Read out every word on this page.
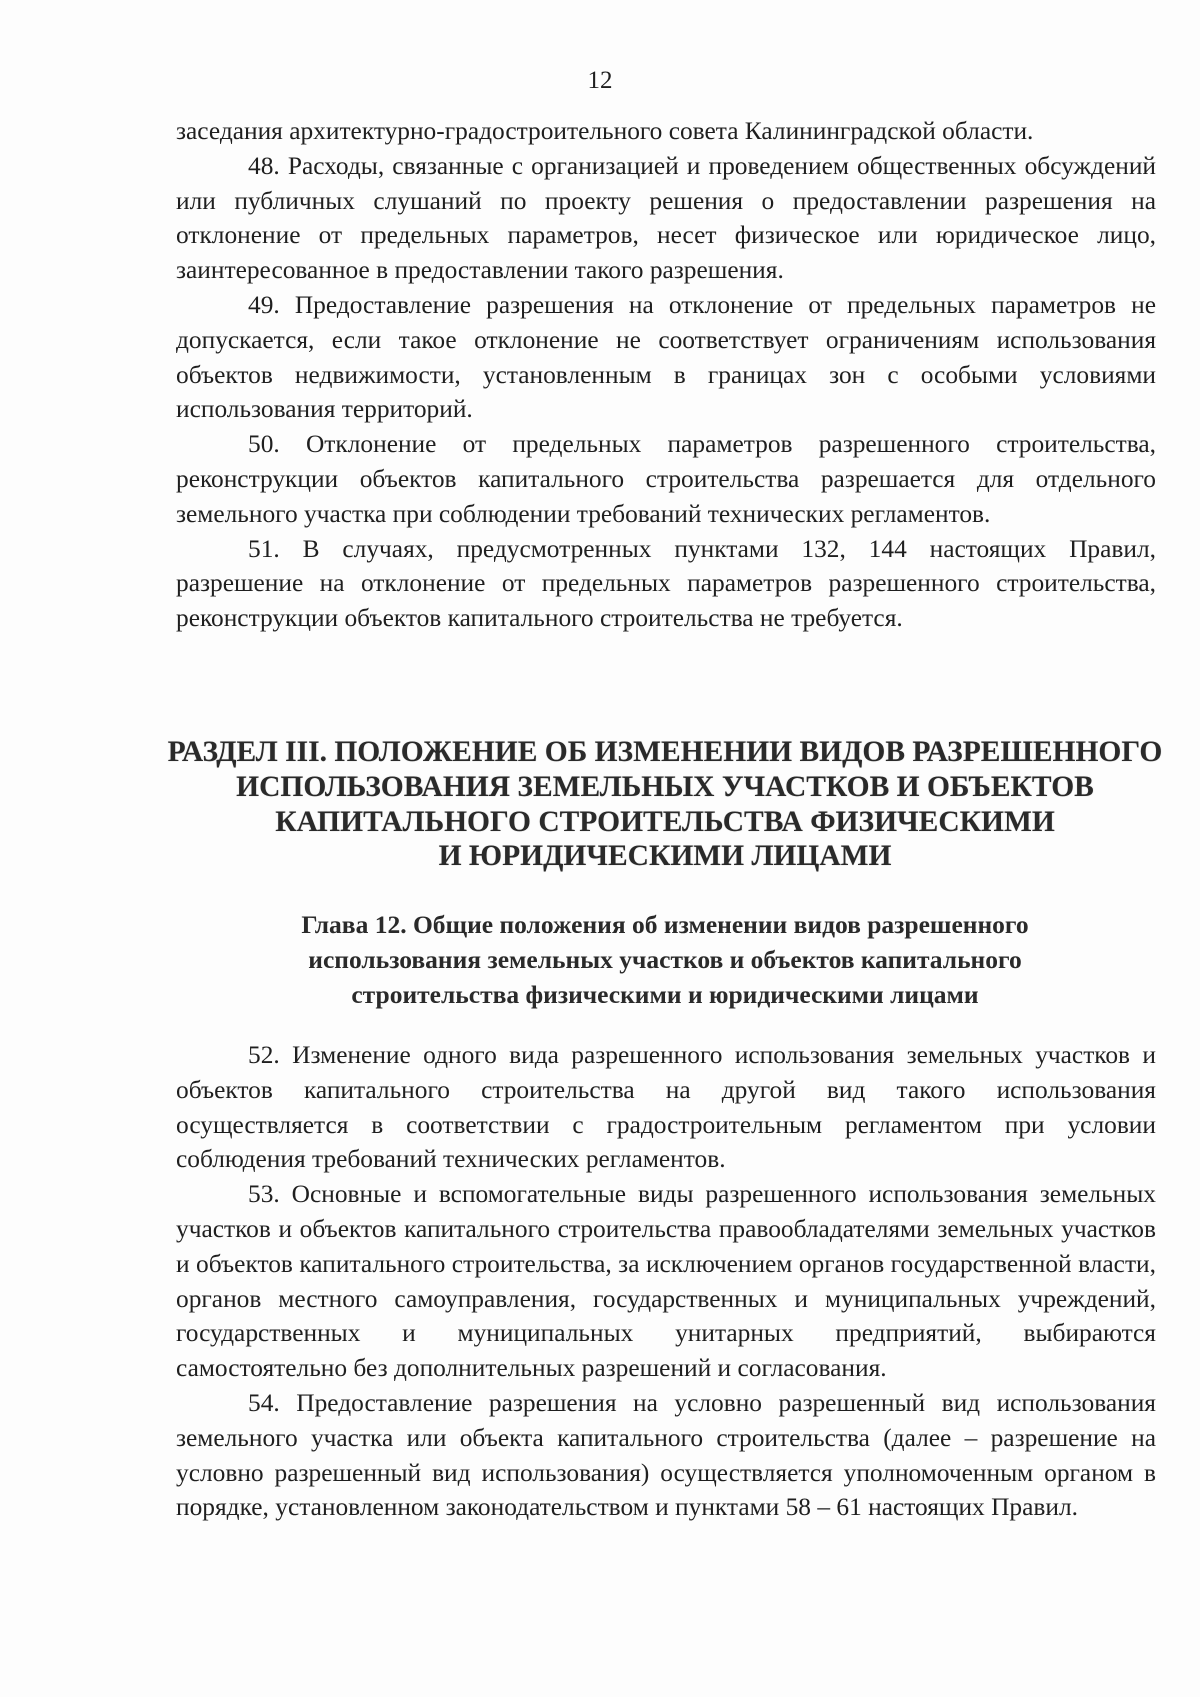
12

заседания архитектурно-градостроительного совета Калининградской области.

48. Расходы, связанные с организацией и проведением общественных обсуждений или публичных слушаний по проекту решения о предоставлении разрешения на отклонение от предельных параметров, несет физическое или юридическое лицо, заинтересованное в предоставлении такого разрешения.

49. Предоставление разрешения на отклонение от предельных параметров не допускается, если такое отклонение не соответствует ограничениям использования объектов недвижимости, установленным в границах зон с особыми условиями использования территорий.

50. Отклонение от предельных параметров разрешенного строительства, реконструкции объектов капитального строительства разрешается для отдельного земельного участка при соблюдении требований технических регламентов.

51. В случаях, предусмотренных пунктами 132, 144 настоящих Правил, разрешение на отклонение от предельных параметров разрешенного строительства, реконструкции объектов капитального строительства не требуется.

РАЗДЕЛ III. ПОЛОЖЕНИЕ ОБ ИЗМЕНЕНИИ ВИДОВ РАЗРЕШЕННОГО
ИСПОЛЬЗОВАНИЯ ЗЕМЕЛЬНЫХ УЧАСТКОВ И ОБЪЕКТОВ
КАПИТАЛЬНОГО СТРОИТЕЛЬСТВА ФИЗИЧЕСКИМИ
И ЮРИДИЧЕСКИМИ ЛИЦАМИ
Глава 12. Общие положения об изменении видов разрешенного
использования земельных участков и объектов капитального
строительства физическими и юридическими лицами

52. Изменение одного вида разрешенного использования земельных участков и объектов капитального строительства на другой вид такого использования осуществляется в соответствии с градостроительным регламентом при условии соблюдения требований технических регламентов.

53. Основные и вспомогательные виды разрешенного использования земельных участков и объектов капитального строительства правообладателями земельных участков и объектов капитального строительства, за исключением органов государственной власти, органов местного самоуправления, государственных и муниципальных учреждений, государственных и муниципальных унитарных предприятий, выбираются самостоятельно без дополнительных разрешений и согласования.

54. Предоставление разрешения на условно разрешенный вид использования земельного участка или объекта капитального строительства (далее – разрешение на условно разрешенный вид использования) осуществляется уполномоченным органом в порядке, установленном законодательством и пунктами 58 – 61 настоящих Правил.
